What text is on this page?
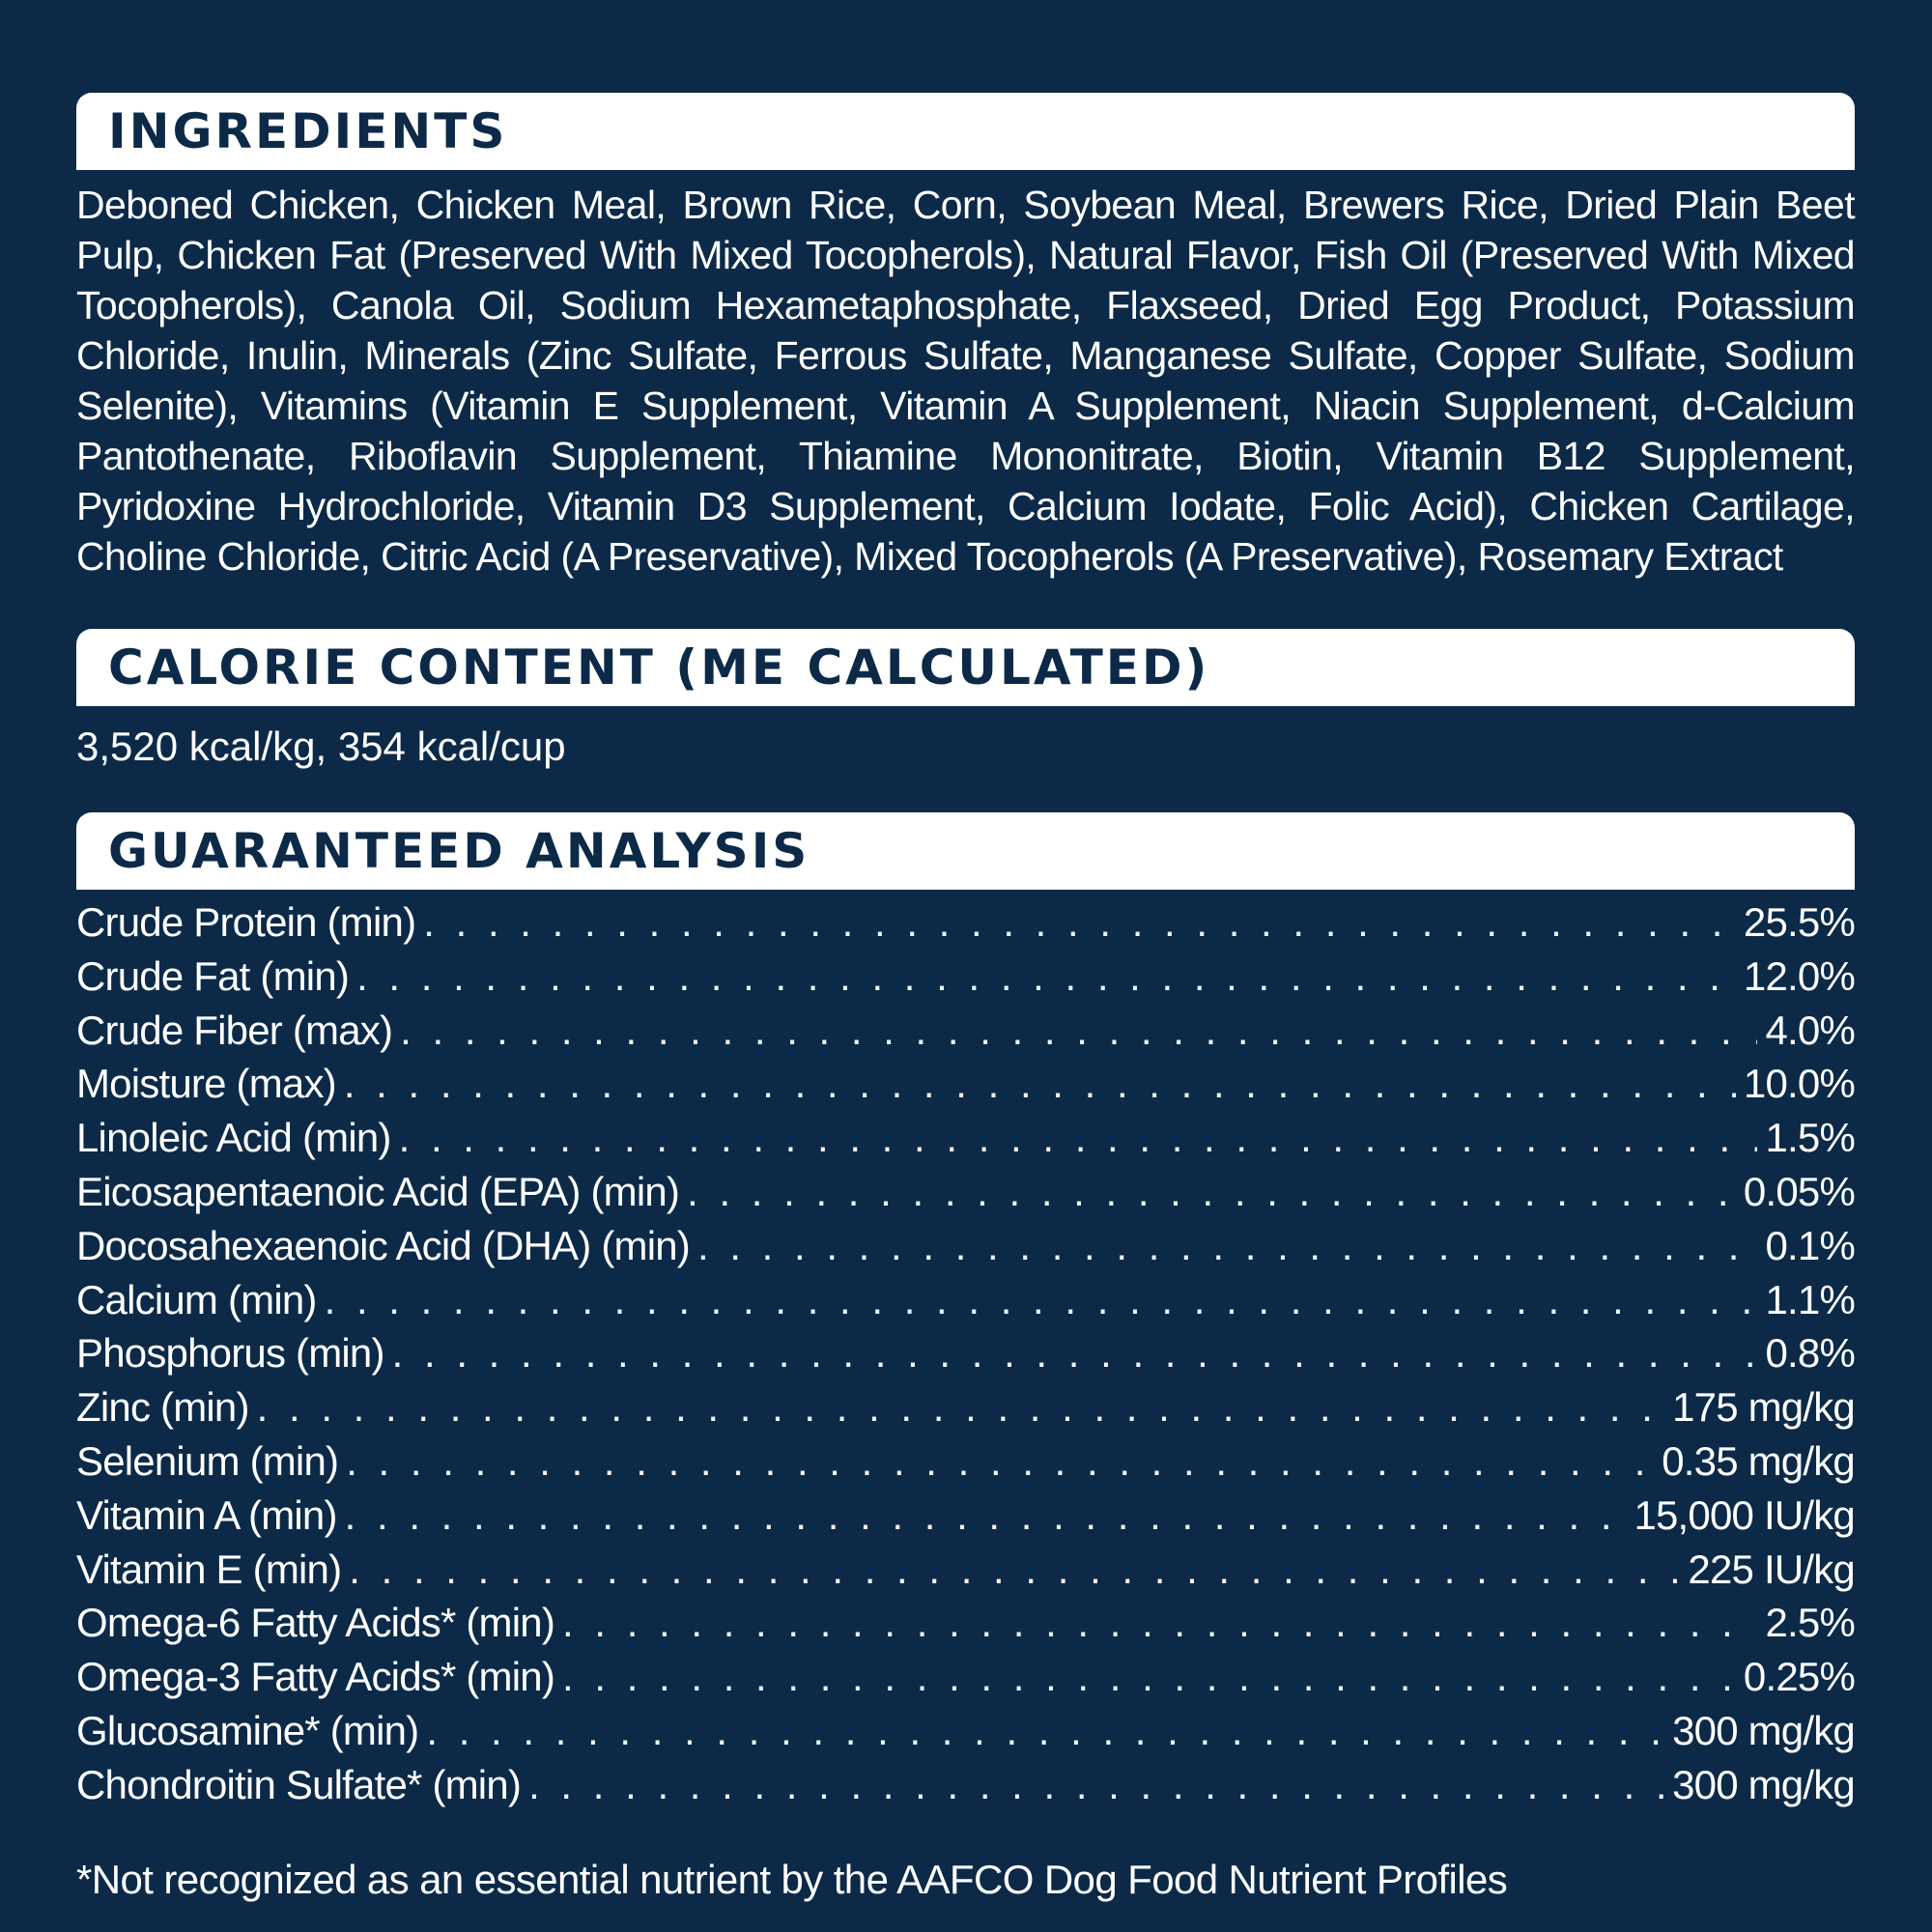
INGREDIENTS

Deboned Chicken, Chicken Meal, Brown Rice, Corn, Soybean Meal, Brewers Rice, Dried Plain Beet Pulp, Chicken Fat (Preserved With Mixed Tocopherols), Natural Flavor, Fish Oil (Preserved With Mixed Tocopherols), Canola Oil, Sodium Hexametaphosphate, Flaxseed, Dried Egg Product, Potassium Chloride, Inulin, Minerals (Zinc Sulfate, Ferrous Sulfate, Manganese Sulfate, Copper Sulfate, Sodium Selenite), Vitamins (Vitamin E Supplement, Vitamin A Supplement, Niacin Supplement, d-Calcium Pantothenate, Riboflavin Supplement, Thiamine Mononitrate, Biotin, Vitamin B12 Supplement, Pyridoxine Hydrochloride, Vitamin D3 Supplement, Calcium Iodate, Folic Acid), Chicken Cartilage, Choline Chloride, Citric Acid (A Preservative), Mixed Tocopherols (A Preservative), Rosemary Extract

CALORIE CONTENT (ME CALCULATED)

3,520 kcal/kg, 354 kcal/cup

GUARANTEED ANALYSIS
Crude Protein (min) . . .	25.5%
Crude Fat (min) . . .	12.0%
Crude Fiber (max) . . .	4.0%
Moisture (max) . . .	10.0%
Linoleic Acid (min) . . .	1.5%
Eicosapentaenoic Acid (EPA) (min) . . .	0.05%
Docosahexaenoic Acid (DHA) (min) . . .	0.1%
Calcium (min) . . .	1.1%
Phosphorus (min) . . .	0.8%
Zinc (min) . . .	175 mg/kg
Selenium (min) . . .	0.35 mg/kg
Vitamin A (min) . . .	15,000 IU/kg
Vitamin E (min) . . .	225 IU/kg
Omega-6 Fatty Acids* (min) . . .	2.5%
Omega-3 Fatty Acids* (min) . . .	0.25%
Glucosamine* (min) . . .	300 mg/kg
Chondroitin Sulfate* (min) . . .	300 mg/kg

*Not recognized as an essential nutrient by the AAFCO Dog Food Nutrient Profiles
